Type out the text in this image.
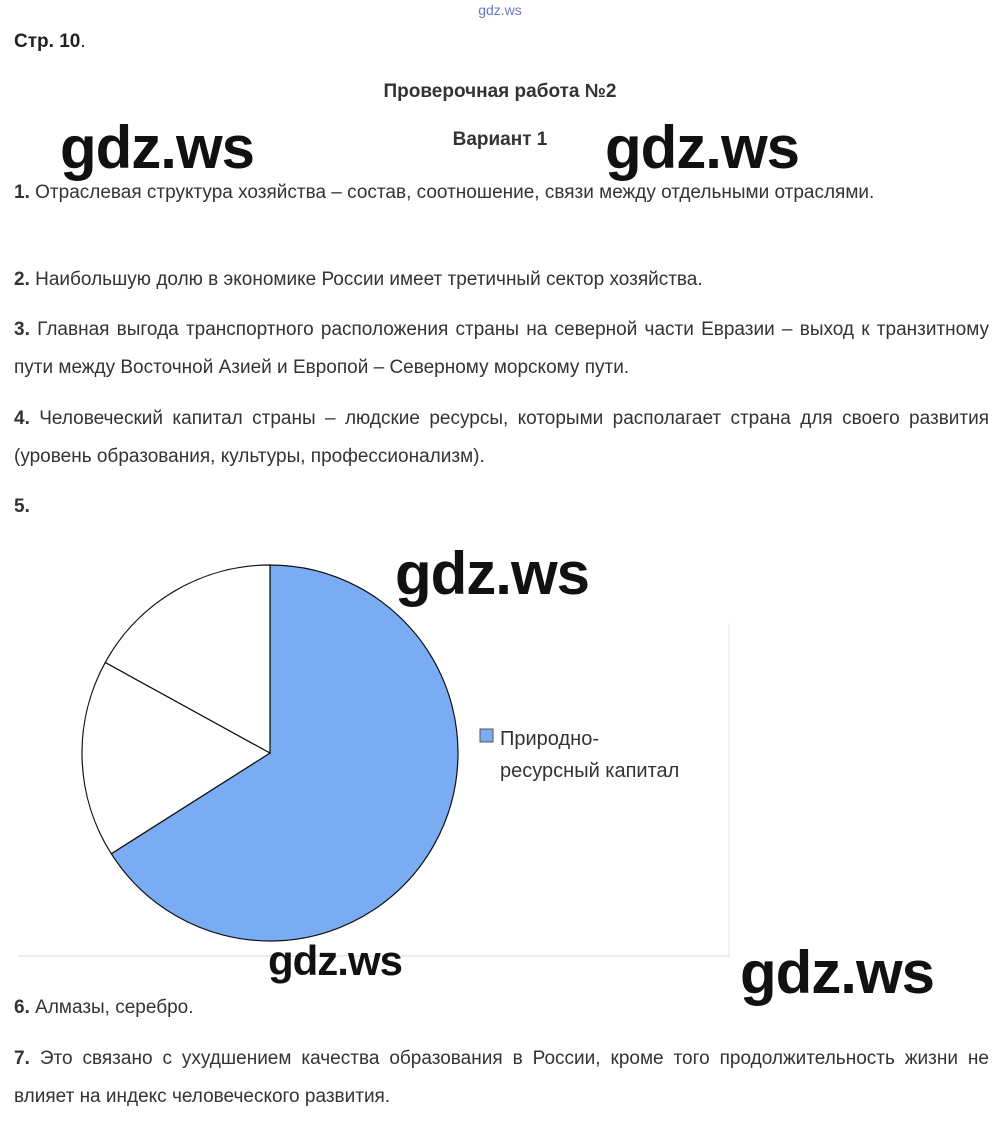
gdz.ws
Стр. 10.
Проверочная работа №2
Вариант 1
1. Отраслевая структура хозяйства – состав, соотношение, связи между отдельными отраслями.
2. Наибольшую долю в экономике России имеет третичный сектор хозяйства.
3. Главная выгода транспортного расположения страны на северной части Евразии – выход к транзитному пути между Восточной Азией и Европой – Северному морскому пути.
4. Человеческий капитал страны – людские ресурсы, которыми располагает страна для своего развития (уровень образования, культуры, профессионализм).
5.
Природно-
ресурсный капитал
6. Алмазы, серебро.
7. Это связано с ухудшением качества образования в России, кроме того продолжительность жизни не влияет на индекс человеческого развития.
gdz.ws	gdz.ws
gdz.ws
gdz.ws	gdz.ws
